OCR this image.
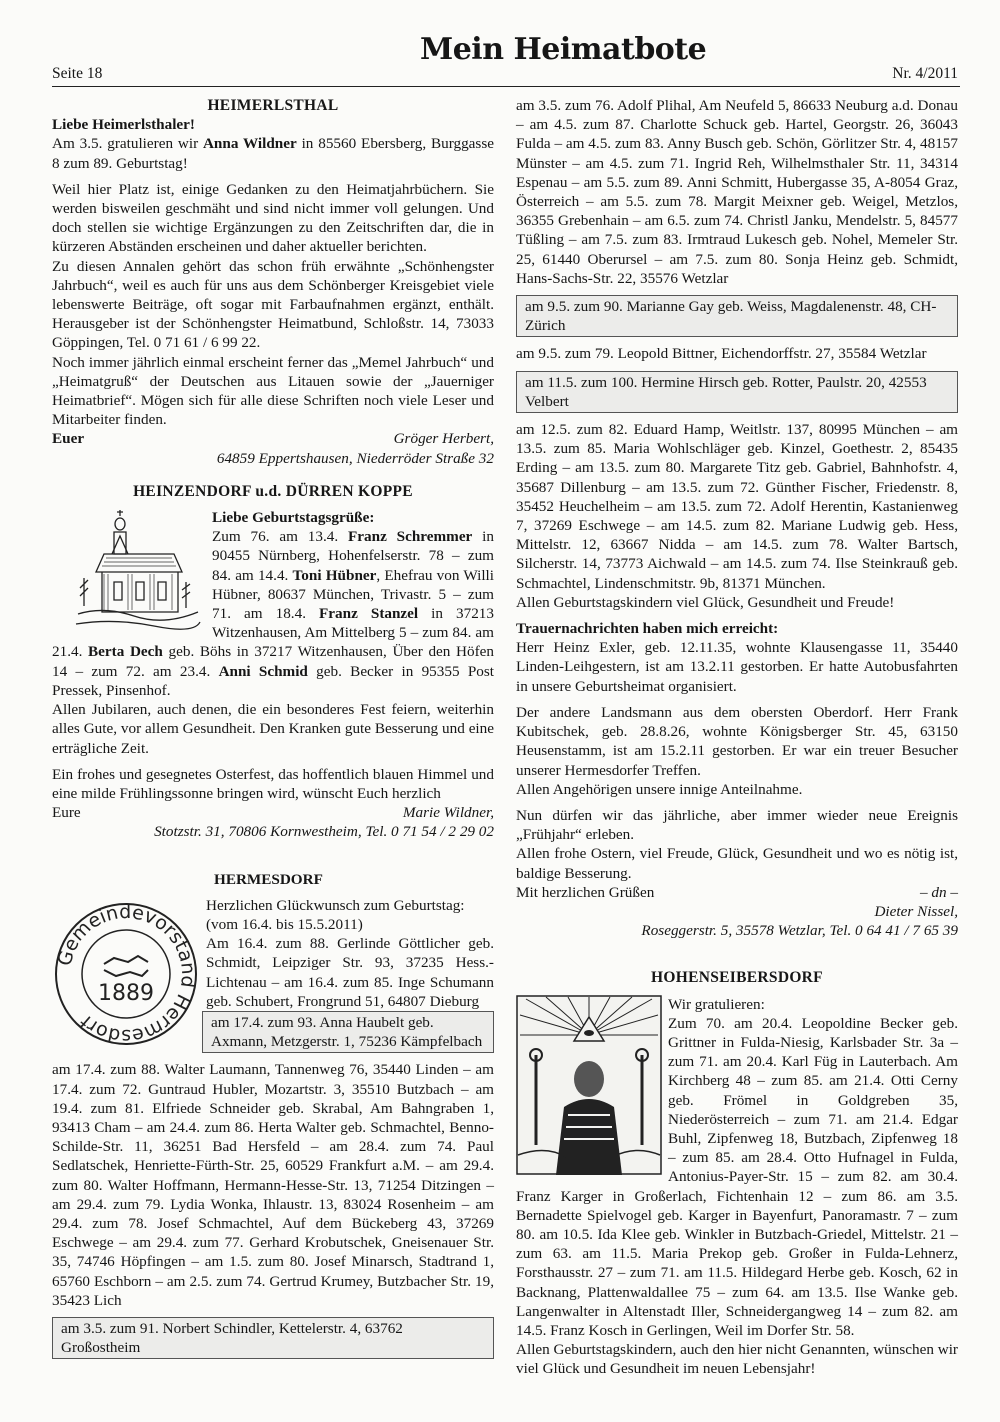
Seite 18
Mein Heimatbote
Nr. 4/2011
HEIMERLSTHAL

Liebe Heimerlsthaler!

Am 3.5. gratulieren wir Anna Wildner in 85560 Ebersberg, Burggasse 8 zum 89. Geburtstag!

Weil hier Platz ist, einige Gedanken zu den Heimatjahrbüchern. Sie werden bisweilen geschmäht und sind nicht immer voll gelungen. Und doch stellen sie wichtige Ergänzungen zu den Zeitschriften dar, die in kürzeren Abständen erscheinen und daher aktueller berichten.

Zu diesen Annalen gehört das schon früh erwähnte „Schönhengster Jahrbuch“, weil es auch für uns aus dem Schönberger Kreisgebiet viele lebenswerte Beiträge, oft sogar mit Farbaufnahmen ergänzt, enthält. Herausgeber ist der Schönhengster Heimatbund, Schloßstr. 14, 73033 Göppingen, Tel. 0 71 61 / 6 99 22.

Noch immer jährlich einmal erscheint ferner das „Memel Jahrbuch“ und „Heimatgruß“ der Deutschen aus Litauen sowie der „Jauerniger Heimatbrief“. Mögen sich für alle diese Schriften noch viele Leser und Mitarbeiter finden.

Euer	Gröger Herbert,

64859 Eppertshausen, Niederröder Straße 32

HEINZENDORF u.d. DÜRREN KOPPE

Liebe Geburtstagsgrüße:

Zum 76. am 13.4. Franz Schremmer in 90455 Nürnberg, Hohenfelserstr. 78 – zum 84. am 14.4. Toni Hübner, Ehefrau von Willi Hübner, 80637 München, Trivastr. 5 – zum 71. am 18.4. Franz Stanzel in 37213 Witzenhausen, Am Mittelberg 5 – zum 84. am 21.4. Berta Dech geb. Böhs in 37217 Witzenhausen, Über den Höfen 14 – zum 72. am 23.4. Anni Schmid geb. Becker in 95355 Post Pressek, Pinsenhof.

Allen Jubilaren, auch denen, die ein besonderes Fest feiern, weiterhin alles Gute, vor allem Gesundheit. Den Kranken gute Besserung und eine erträgliche Zeit.

Ein frohes und gesegnetes Osterfest, das hoffentlich blauen Himmel und eine milde Frühlingssonne bringen wird, wünscht Euch herzlich

Eure	Marie Wildner,

Stotzstr. 31, 70806 Kornwestheim, Tel. 0 71 54 / 2 29 02

HERMESDORF
Gemeindevorstand Hermesdorf
1889

Herzlichen Glückwunsch zum Geburtstag: (vom 16.4. bis 15.5.2011)

Am 16.4. zum 88. Gerlinde Göttlicher geb. Schmidt, Leipziger Str. 93, 37235 Hess.-Lichtenau – am 16.4. zum 85. Inge Schumann geb. Schubert, Frongrund 51, 64807 Dieburg

am 17.4. zum 93. Anna Haubelt geb. Axmann, Metzgerstr. 1, 75236 Kämpfelbach

am 17.4. zum 88. Walter Laumann, Tannenweg 76, 35440 Linden – am 17.4. zum 72. Guntraud Hubler, Mozartstr. 3, 35510 Butzbach – am 19.4. zum 81. Elfriede Schneider geb. Skrabal, Am Bahngraben 1, 93413 Cham – am 24.4. zum 86. Herta Walter geb. Schmachtel, Benno-Schilde-Str. 11, 36251 Bad Hersfeld – am 28.4. zum 74. Paul Sedlatschek, Henriette-Fürth-Str. 25, 60529 Frankfurt a.M. – am 29.4. zum 80. Walter Hoffmann, Hermann-Hesse-Str. 13, 71254 Ditzingen – am 29.4. zum 79. Lydia Wonka, Ihlaustr. 13, 83024 Rosenheim – am 29.4. zum 78. Josef Schmachtel, Auf dem Bückeberg 43, 37269 Eschwege – am 29.4. zum 77. Gerhard Krobutschek, Gneisenauer Str. 35, 74746 Höpfingen – am 1.5. zum 80. Josef Minarsch, Stadtrand 1, 65760 Eschborn – am 2.5. zum 74. Gertrud Krumey, Butzbacher Str. 19, 35423 Lich

am 3.5. zum 91. Norbert Schindler, Kettelerstr. 4, 63762 Großostheim

am 3.5. zum 76. Adolf Plihal, Am Neufeld 5, 86633 Neuburg a.d. Donau – am 4.5. zum 87. Charlotte Schuck geb. Hartel, Georgstr. 26, 36043 Fulda – am 4.5. zum 83. Anny Busch geb. Schön, Görlitzer Str. 4, 48157 Münster – am 4.5. zum 71. Ingrid Reh, Wilhelmsthaler Str. 11, 34314 Espenau – am 5.5. zum 89. Anni Schmitt, Hubergasse 35, A-8054 Graz, Österreich – am 5.5. zum 78. Margit Meixner geb. Weigel, Metzlos, 36355 Grebenhain – am 6.5. zum 74. Christl Janku, Mendelstr. 5, 84577 Tüßling – am 7.5. zum 83. Irmtraud Lukesch geb. Nohel, Memeler Str. 25, 61440 Oberursel – am 7.5. zum 80. Sonja Heinz geb. Schmidt, Hans-Sachs-Str. 22, 35576 Wetzlar

am 9.5. zum 90. Marianne Gay geb. Weiss, Magdalenenstr. 48, CH-Zürich

am 9.5. zum 79. Leopold Bittner, Eichendorffstr. 27, 35584 Wetzlar

am 11.5. zum 100. Hermine Hirsch geb. Rotter, Paulstr. 20, 42553 Velbert

am 12.5. zum 82. Eduard Hamp, Weitlstr. 137, 80995 München – am 13.5. zum 85. Maria Wohlschläger geb. Kinzel, Goethestr. 2, 85435 Erding – am 13.5. zum 80. Margarete Titz geb. Gabriel, Bahnhofstr. 4, 35687 Dillenburg – am 13.5. zum 72. Günther Fischer, Friedenstr. 8, 35452 Heuchelheim – am 13.5. zum 72. Adolf Herentin, Kastanienweg 7, 37269 Eschwege – am 14.5. zum 82. Mariane Ludwig geb. Hess, Mittelstr. 12, 63667 Nidda – am 14.5. zum 78. Walter Bartsch, Silcherstr. 14, 73773 Aichwald – am 14.5. zum 74. Ilse Steinkrauß geb. Schmachtel, Lindenschmitstr. 9b, 81371 München.

Allen Geburtstagskindern viel Glück, Gesundheit und Freude!

Trauernachrichten haben mich erreicht:

Herr Heinz Exler, geb. 12.11.35, wohnte Klausengasse 11, 35440 Linden-Leihgestern, ist am 13.2.11 gestorben. Er hatte Autobusfahrten in unsere Geburtsheimat organisiert.

Der andere Landsmann aus dem obersten Oberdorf. Herr Frank Kubitschek, geb. 28.8.26, wohnte Königsberger Str. 45, 63150 Heusenstamm, ist am 15.2.11 gestorben. Er war ein treuer Besucher unserer Hermesdorfer Treffen.

Allen Angehörigen unsere innige Anteilnahme.

Nun dürfen wir das jährliche, aber immer wieder neue Ereignis „Frühjahr“ erleben.

Allen frohe Ostern, viel Freude, Glück, Gesundheit und wo es nötig ist, baldige Besserung.

Mit herzlichen Grüßen	– dn –

Dieter Nissel,

Roseggerstr. 5, 35578 Wetzlar, Tel. 0 64 41 / 7 65 39

HOHENSEIBERSDORF

Wir gratulieren:

Zum 70. am 20.4. Leopoldine Becker geb. Grittner in Fulda-Niesig, Karlsbader Str. 3a – zum 71. am 20.4. Karl Füg in Lauterbach. Am Kirchberg 48 – zum 85. am 21.4. Otti Cerny geb. Frömel in Goldgreben 35, Niederösterreich – zum 71. am 21.4. Edgar Buhl, Zipfenweg 18, Butzbach, Zipfenweg 18 – zum 85. am 28.4. Otto Hufnagel in Fulda, Antonius-Payer-Str. 15 – zum 82. am 30.4. Franz Karger in Großerlach, Fichtenhain 12 – zum 86. am 3.5. Bernadette Spielvogel geb. Karger in Bayenfurt, Panoramastr. 7 – zum 80. am 10.5. Ida Klee geb. Winkler in Butzbach-Griedel, Mittelstr. 21 – zum 63. am 11.5. Maria Prekop geb. Großer in Fulda-Lehnerz, Forsthausstr. 27 – zum 71. am 11.5. Hildegard Herbe geb. Kosch, 62 in Backnang, Plattenwaldallee 75 – zum 64. am 13.5. Ilse Wanke geb. Langenwalter in Altenstadt Iller, Schneidergangweg 14 – zum 82. am 14.5. Franz Kosch in Gerlingen, Weil im Dorfer Str. 58.

Allen Geburtstagskindern, auch den hier nicht Genannten, wünschen wir viel Glück und Gesundheit im neuen Lebensjahr!
